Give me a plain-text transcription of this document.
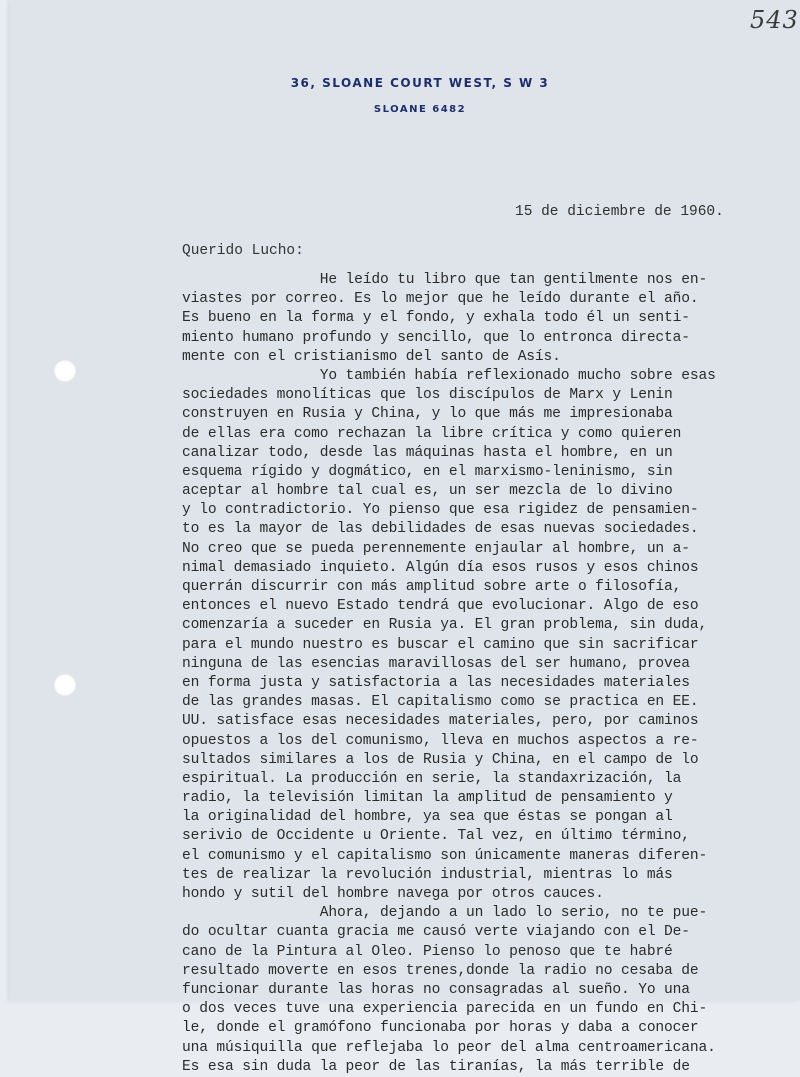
543
36, SLOANE COURT WEST, S W 3
SLOANE 6482
15 de diciembre de 1960.
Querido Lucho:
He leído tu libro que tan gentilmente nos en-
viastes por correo. Es lo mejor que he leído durante el año.
Es bueno en la forma y el fondo, y exhala todo él un senti-
miento humano profundo y sencillo, que lo entronca directa-
mente con el cristianismo del santo de Asís.
Yo también había reflexionado mucho sobre esas
sociedades monolíticas que los discípulos de Marx y Lenin
construyen en Rusia y China, y lo que más me impresionaba
de ellas era como rechazan la libre crítica y como quieren
canalizar todo, desde las máquinas hasta el hombre, en un
esquema rígido y dogmático, en el marxismo-leninismo, sin
aceptar al hombre tal cual es, un ser mezcla de lo divino
y lo contradictorio. Yo pienso que esa rigidez de pensamien-
to es la mayor de las debilidades de esas nuevas sociedades.
No creo que se pueda perennemente enjaular al hombre, un a-
nimal demasiado inquieto. Algún día esos rusos y esos chinos
querrán discurrir con más amplitud sobre arte o filosofía,
entonces el nuevo Estado tendrá que evolucionar. Algo de eso
comenzaría a suceder en Rusia ya. El gran problema, sin duda,
para el mundo nuestro es buscar el camino que sin sacrificar
ninguna de las esencias maravillosas del ser humano, provea
en forma justa y satisfactoria a las necesidades materiales
de las grandes masas. El capitalismo como se practica en EE.
UU. satisface esas necesidades materiales, pero, por caminos
opuestos a los del comunismo, lleva en muchos aspectos a re-
sultados similares a los de Rusia y China, en el campo de lo
espiritual. La producción en serie, la standaxrización, la
radio, la televisión limitan la amplitud de pensamiento y
la originalidad del hombre, ya sea que éstas se pongan al
serivio de Occidente u Oriente. Tal vez, en último término,
el comunismo y el capitalismo son únicamente maneras diferen-
tes de realizar la revolución industrial, mientras lo más
hondo y sutil del hombre navega por otros cauces.
Ahora, dejando a un lado lo serio, no te pue-
do ocultar cuanta gracia me causó verte viajando con el De-
cano de la Pintura al Oleo. Pienso lo penoso que te habré
resultado moverte en esos trenes,donde la radio no cesaba de
funcionar durante las horas no consagradas al sueño. Yo una
o dos veces tuve una experiencia parecida en un fundo en Chi-
le, donde el gramófono funcionaba por horas y daba a conocer
una músiquilla que reflejaba lo peor del alma centroamericana.
Es esa sin duda la peor de las tiranías, la más terrible de
